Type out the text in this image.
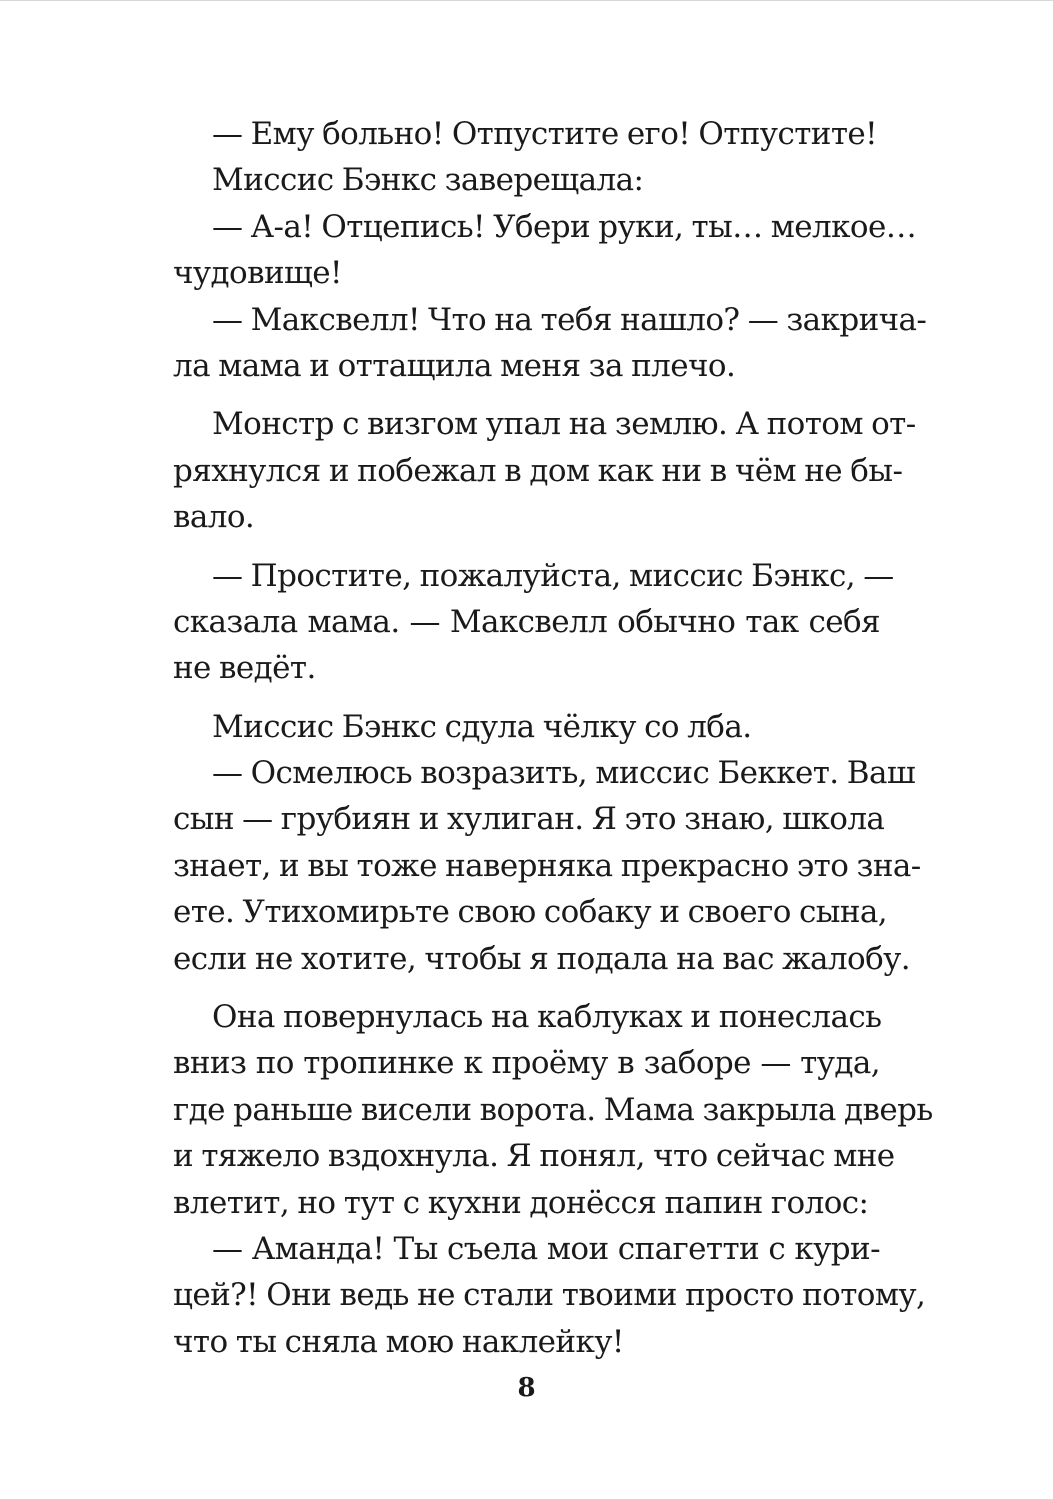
— Ему больно! Отпустите его! Отпустите!
Миссис Бэнкс заверещала:
— А-а! Отцепись! Убери руки, ты… мелкое…
чудовище!
— Максвелл! Что на тебя нашло? — закрича-
ла мама и оттащила меня за плечо.
Монстр с визгом упал на землю. А потом от-
ряхнулся и побежал в дом как ни в чём не бы-
вало.
— Простите, пожалуйста, миссис Бэнкс, —
сказала мама. — Максвелл обычно так себя
не ведёт.
Миссис Бэнкс сдула чёлку со лба.
— Осмелюсь возразить, миссис Беккет. Ваш
сын — грубиян и хулиган. Я это знаю, школа
знает, и вы тоже наверняка прекрасно это зна-
ете. Утихомирьте свою собаку и своего сына,
если не хотите, чтобы я подала на вас жалобу.
Она повернулась на каблуках и понеслась
вниз по тропинке к проёму в заборе — туда,
где раньше висели ворота. Мама закрыла дверь
и тяжело вздохнула. Я понял, что сейчас мне
влетит, но тут с кухни донёсся папин голос:
— Аманда! Ты съела мои спагетти с кури-
цей?! Они ведь не стали твоими просто потому,
что ты сняла мою наклейку!
8
